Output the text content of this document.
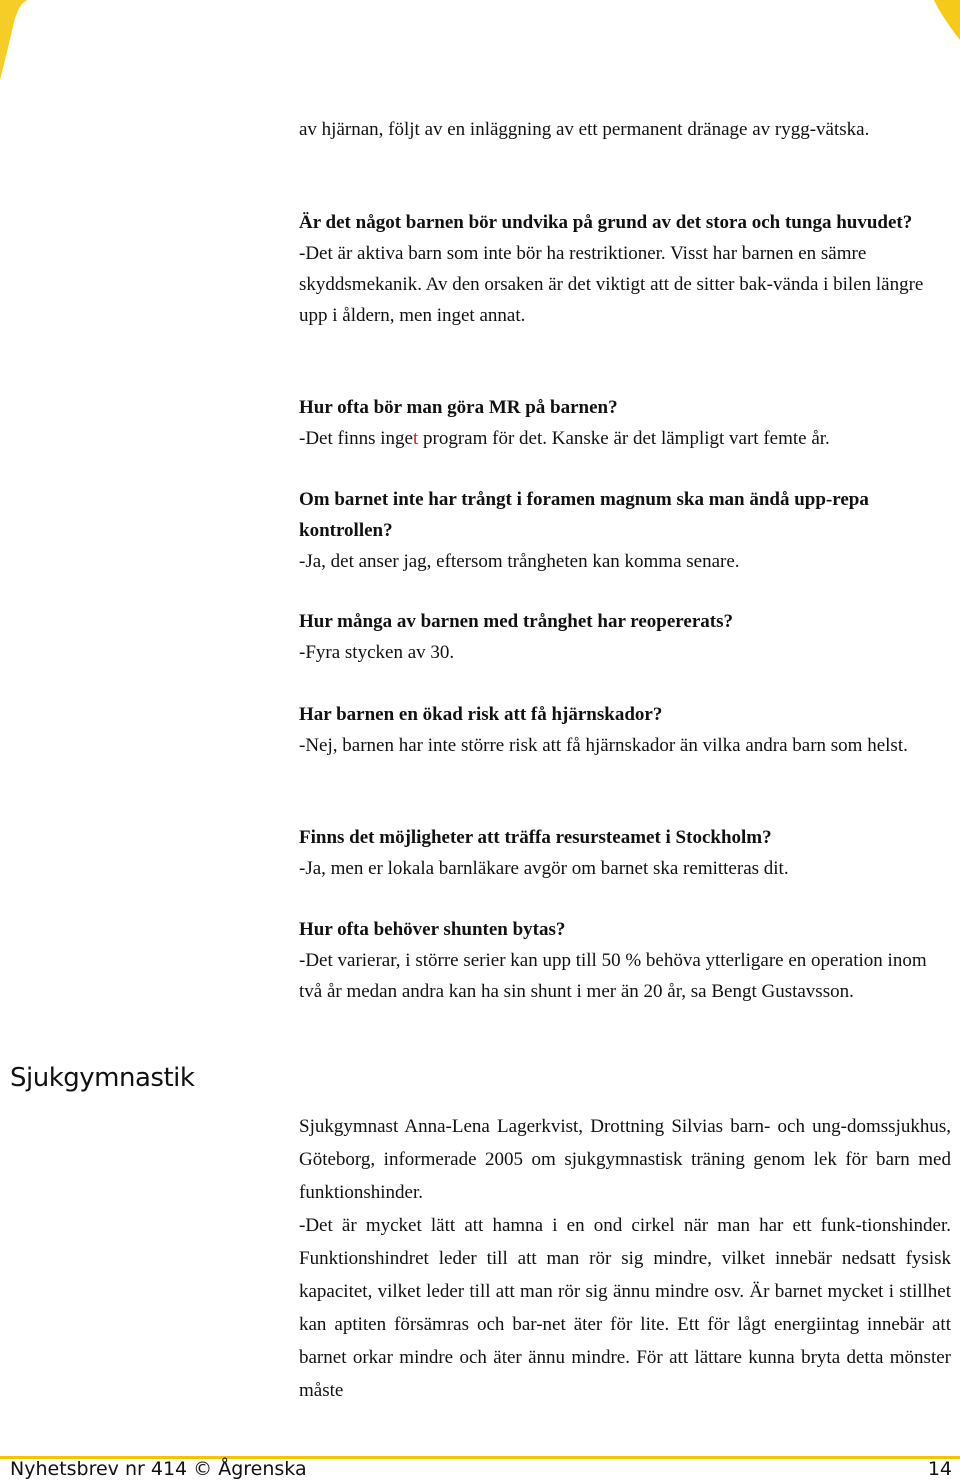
av hjärnan, följt av en inläggning av ett permanent dränage av rygg-vätska.

Är det något barnen bör undvika på grund av det stora och tunga huvudet?

-Det är aktiva barn som inte bör ha restriktioner. Visst har barnen en sämre skyddsmekanik. Av den orsaken är det viktigt att de sitter bak-vända i bilen längre upp i åldern, men inget annat.

Hur ofta bör man göra MR på barnen?

-Det finns inget program för det. Kanske är det lämpligt vart femte år.

Om barnet inte har trångt i foramen magnum ska man ändå upp-repa kontrollen?

-Ja, det anser jag, eftersom trångheten kan komma senare.

Hur många av barnen med trånghet har reopererats?

-Fyra stycken av 30.

Har barnen en ökad risk att få hjärnskador?

-Nej, barnen har inte större risk att få hjärnskador än vilka andra barn som helst.

Finns det möjligheter att träffa resursteamet i Stockholm?

-Ja, men er lokala barnläkare avgör om barnet ska remitteras dit.

Hur ofta behöver shunten bytas?

-Det varierar, i större serier kan upp till 50 % behöva ytterligare en operation inom två år medan andra kan ha sin shunt i mer än 20 år, sa Bengt Gustavsson.

Sjukgymnastik

Sjukgymnast Anna-Lena Lagerkvist, Drottning Silvias barn- och ung-domssjukhus, Göteborg, informerade 2005 om sjukgymnastisk träning genom lek för barn med funktionshinder.

-Det är mycket lätt att hamna i en ond cirkel när man har ett funk-tionshinder. Funktionshindret leder till att man rör sig mindre, vilket innebär nedsatt fysisk kapacitet, vilket leder till att man rör sig ännu mindre osv. Är barnet mycket i stillhet kan aptiten försämras och bar-net äter för lite. Ett för lågt energiintag innebär att barnet orkar mindre och äter ännu mindre. För att lättare kunna bryta detta mönster måste

Nyhetsbrev nr 414 © Ågrenska	14
